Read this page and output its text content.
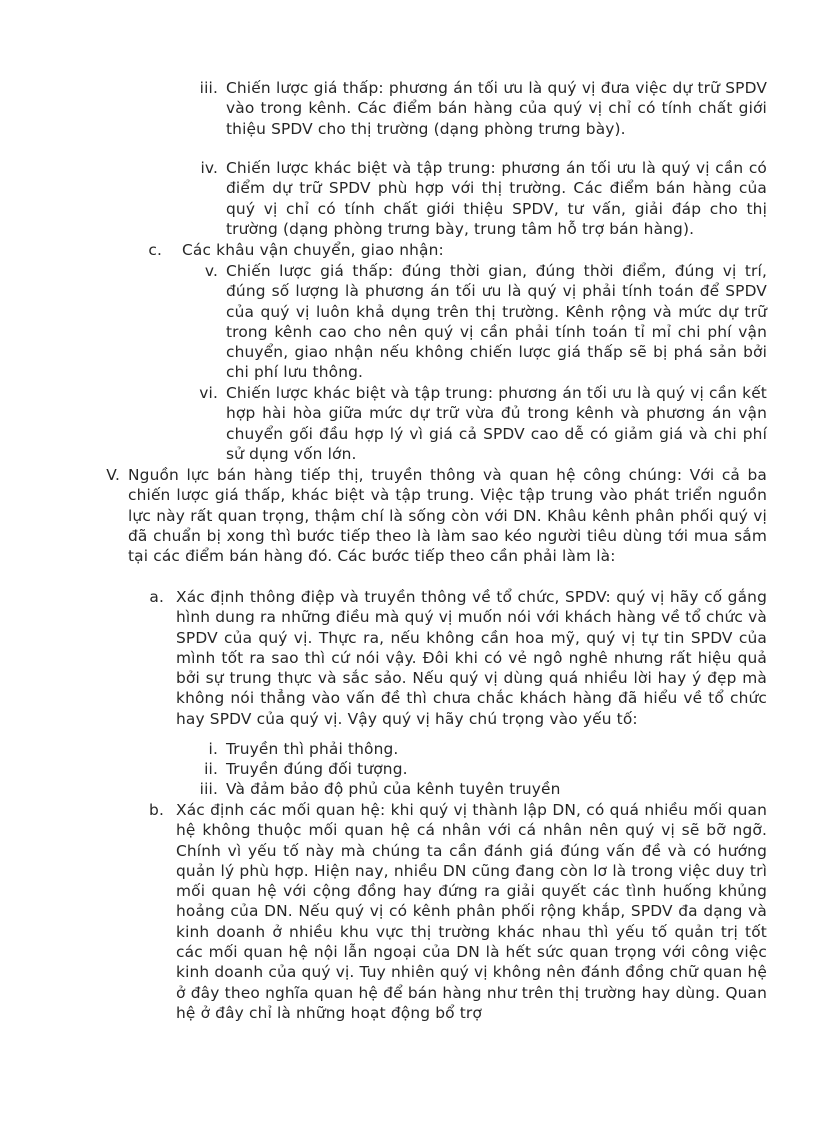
iii. Chiến lược giá thấp: phương án tối ưu là quý vị đưa việc dự trữ SPDV vào trong kênh. Các điểm bán hàng của quý vị chỉ có tính chất giới thiệu SPDV cho thị trường (dạng phòng trưng bày).
iv. Chiến lược khác biệt và tập trung: phương án tối ưu là quý vị cần có điểm dự trữ SPDV phù hợp với thị trường. Các điểm bán hàng của quý vị chỉ có tính chất giới thiệu SPDV, tư vấn, giải đáp cho thị trường (dạng phòng trưng bày, trung tâm hỗ trợ bán hàng).
c. Các khâu vận chuyển, giao nhận:
v. Chiến lược giá thấp: đúng thời gian, đúng thời điểm, đúng vị trí, đúng số lượng là phương án tối ưu là quý vị phải tính toán để SPDV của quý vị luôn khả dụng trên thị trường. Kênh rộng và mức dự trữ trong kênh cao cho nên quý vị cần phải tính toán tỉ mỉ chi phí vận chuyển, giao nhận nếu không chiến lược giá thấp sẽ bị phá sản bởi chi phí lưu thông.
vi. Chiến lược khác biệt và tập trung: phương án tối ưu là quý vị cần kết hợp hài hòa giữa mức dự trữ vừa đủ trong kênh và phương án vận chuyển gối đầu hợp lý vì giá cả SPDV cao dễ có giảm giá và chi phí sử dụng vốn lớn.
V. Nguồn lực bán hàng tiếp thị, truyền thông và quan hệ công chúng: Với cả ba chiến lược giá thấp, khác biệt và tập trung. Việc tập trung vào phát triển nguồn lực này rất quan trọng, thậm chí là sống còn với DN. Khâu kênh phân phối quý vị đã chuẩn bị xong thì bước tiếp theo là làm sao kéo người tiêu dùng tới mua sắm tại các điểm bán hàng đó. Các bước tiếp theo cần phải làm là:
a. Xác định thông điệp và truyền thông về tổ chức, SPDV: quý vị hãy cố gắng hình dung ra những điều mà quý vị muốn nói với khách hàng về tổ chức và SPDV của quý vị. Thực ra, nếu không cần hoa mỹ, quý vị tự tin SPDV của mình tốt ra sao thì cứ nói vậy. Đôi khi có vẻ ngô nghê nhưng rất hiệu quả bởi sự trung thực và sắc sảo. Nếu quý vị dùng quá nhiều lời hay ý đẹp mà không nói thẳng vào vấn đề thì chưa chắc khách hàng đã hiểu về tổ chức hay SPDV của quý vị. Vậy quý vị hãy chú trọng vào yếu tố:
i. Truyền thì phải thông.
ii. Truyền đúng đối tượng.
iii. Và đảm bảo độ phủ của kênh tuyên truyền
b. Xác định các mối quan hệ: khi quý vị thành lập DN, có quá nhiều mối quan hệ không thuộc mối quan hệ cá nhân với cá nhân nên quý vị sẽ bỡ ngỡ. Chính vì yếu tố này mà chúng ta cần đánh giá đúng vấn đề và có hướng quản lý phù hợp. Hiện nay, nhiều DN cũng đang còn lơ là trong việc duy trì mối quan hệ với cộng đồng hay đứng ra giải quyết các tình huống khủng hoảng của DN. Nếu quý vị có kênh phân phối rộng khắp, SPDV đa dạng và kinh doanh ở nhiều khu vực thị trường khác nhau thì yếu tố quản trị tốt các mối quan hệ nội lẫn ngoại của DN là hết sức quan trọng với công việc kinh doanh của quý vị. Tuy nhiên quý vị không nên đánh đồng chữ quan hệ ở đây theo nghĩa quan hệ để bán hàng như trên thị trường hay dùng. Quan hệ ở đây chỉ là những hoạt động bổ trợ
